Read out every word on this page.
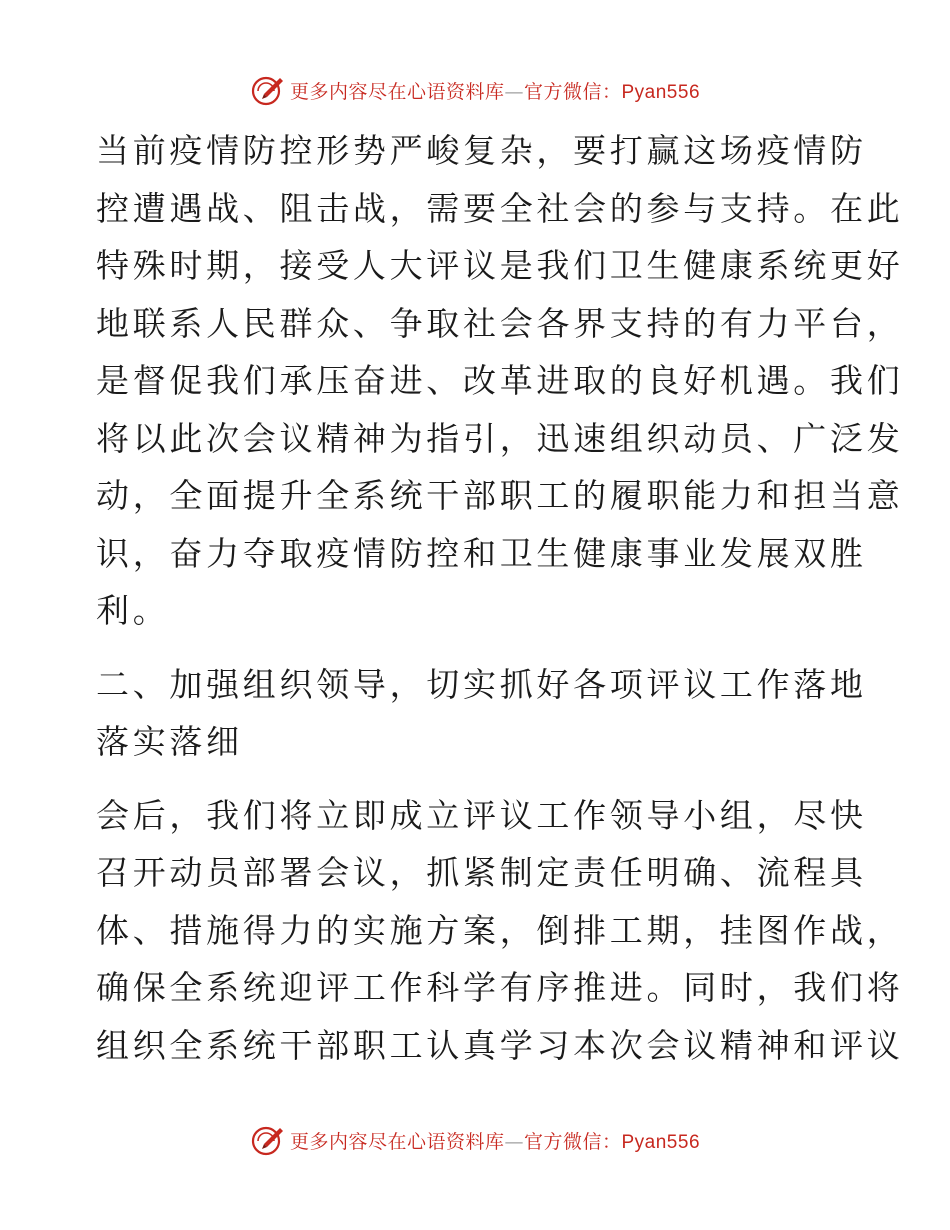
更多内容尽在心语资料库—官方微信：Pyan556
当前疫情防控形势严峻复杂，要打赢这场疫情防
控遭遇战、阻击战，需要全社会的参与支持。在此
特殊时期，接受人大评议是我们卫生健康系统更好
地联系人民群众、争取社会各界支持的有力平台，
是督促我们承压奋进、改革进取的良好机遇。我们
将以此次会议精神为指引，迅速组织动员、广泛发
动，全面提升全系统干部职工的履职能力和担当意
识，奋力夺取疫情防控和卫生健康事业发展双胜
利。
二、加强组织领导，切实抓好各项评议工作落地
落实落细
会后，我们将立即成立评议工作领导小组，尽快
召开动员部署会议，抓紧制定责任明确、流程具
体、措施得力的实施方案，倒排工期，挂图作战，
确保全系统迎评工作科学有序推进。同时，我们将
组织全系统干部职工认真学习本次会议精神和评议
更多内容尽在心语资料库—官方微信：Pyan556
